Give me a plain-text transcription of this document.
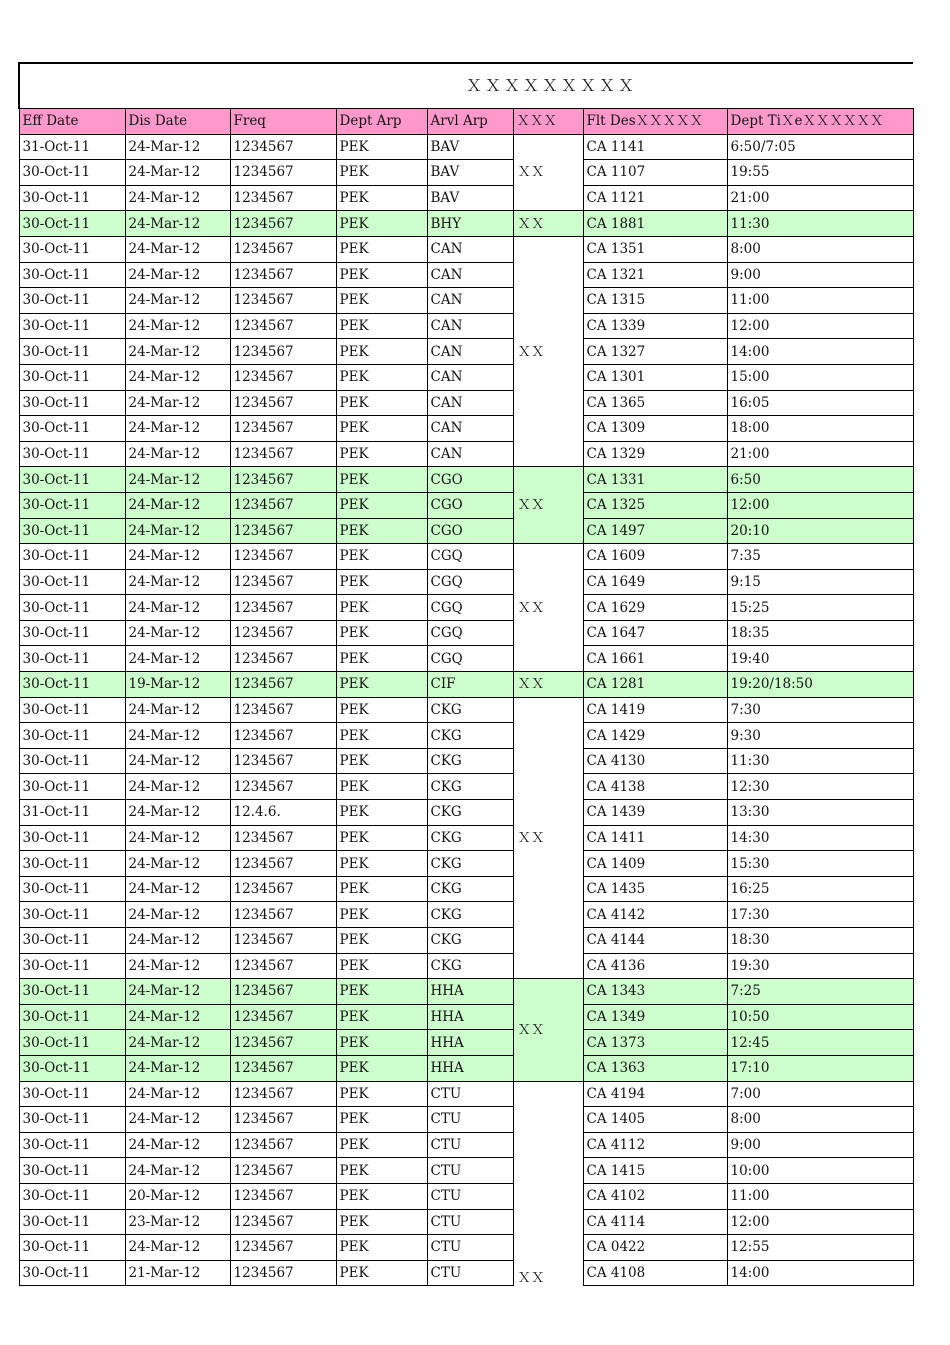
ＸＸＸＸＸＸＸＸＸ							
Eff Date	Dis Date	Freq	Dept Arp	Arvl Arp	ＸＸＸ	Flt DesＸＸＸＸＸ	Dept TiＸeＸＸＸＸＸＸ
31-Oct-11	24-Mar-12	1234567	PEK	BAV	ＸＸ	CA 1141	6:50/7:05
30-Oct-11	24-Mar-12	1234567	PEK	BAV		CA 1107	19:55
30-Oct-11	24-Mar-12	1234567	PEK	BAV		CA 1121	21:00
30-Oct-11	24-Mar-12	1234567	PEK	BHY	ＸＸ	CA 1881	11:30
30-Oct-11	24-Mar-12	1234567	PEK	CAN	ＸＸ	CA 1351	8:00
30-Oct-11	24-Mar-12	1234567	PEK	CAN		CA 1321	9:00
30-Oct-11	24-Mar-12	1234567	PEK	CAN		CA 1315	11:00
30-Oct-11	24-Mar-12	1234567	PEK	CAN		CA 1339	12:00
30-Oct-11	24-Mar-12	1234567	PEK	CAN		CA 1327	14:00
30-Oct-11	24-Mar-12	1234567	PEK	CAN		CA 1301	15:00
30-Oct-11	24-Mar-12	1234567	PEK	CAN		CA 1365	16:05
30-Oct-11	24-Mar-12	1234567	PEK	CAN		CA 1309	18:00
30-Oct-11	24-Mar-12	1234567	PEK	CAN		CA 1329	21:00
30-Oct-11	24-Mar-12	1234567	PEK	CGO	ＸＸ	CA 1331	6:50
30-Oct-11	24-Mar-12	1234567	PEK	CGO		CA 1325	12:00
30-Oct-11	24-Mar-12	1234567	PEK	CGO		CA 1497	20:10
30-Oct-11	24-Mar-12	1234567	PEK	CGQ	ＸＸ	CA 1609	7:35
30-Oct-11	24-Mar-12	1234567	PEK	CGQ		CA 1649	9:15
30-Oct-11	24-Mar-12	1234567	PEK	CGQ		CA 1629	15:25
30-Oct-11	24-Mar-12	1234567	PEK	CGQ		CA 1647	18:35
30-Oct-11	24-Mar-12	1234567	PEK	CGQ		CA 1661	19:40
30-Oct-11	19-Mar-12	1234567	PEK	CIF	ＸＸ	CA 1281	19:20/18:50
30-Oct-11	24-Mar-12	1234567	PEK	CKG	ＸＸ	CA 1419	7:30
30-Oct-11	24-Mar-12	1234567	PEK	CKG		CA 1429	9:30
30-Oct-11	24-Mar-12	1234567	PEK	CKG		CA 4130	11:30
30-Oct-11	24-Mar-12	1234567	PEK	CKG		CA 4138	12:30
31-Oct-11	24-Mar-12	12.4.6.	PEK	CKG		CA 1439	13:30
30-Oct-11	24-Mar-12	1234567	PEK	CKG		CA 1411	14:30
30-Oct-11	24-Mar-12	1234567	PEK	CKG		CA 1409	15:30
30-Oct-11	24-Mar-12	1234567	PEK	CKG		CA 1435	16:25
30-Oct-11	24-Mar-12	1234567	PEK	CKG		CA 4142	17:30
30-Oct-11	24-Mar-12	1234567	PEK	CKG		CA 4144	18:30
30-Oct-11	24-Mar-12	1234567	PEK	CKG		CA 4136	19:30
30-Oct-11	24-Mar-12	1234567	PEK	HHA	ＸＸ	CA 1343	7:25
30-Oct-11	24-Mar-12	1234567	PEK	HHA		CA 1349	10:50
30-Oct-11	24-Mar-12	1234567	PEK	HHA		CA 1373	12:45
30-Oct-11	24-Mar-12	1234567	PEK	HHA		CA 1363	17:10
30-Oct-11	24-Mar-12	1234567	PEK	CTU	ＸＸ	CA 4194	7:00
30-Oct-11	24-Mar-12	1234567	PEK	CTU		CA 1405	8:00
30-Oct-11	24-Mar-12	1234567	PEK	CTU		CA 4112	9:00
30-Oct-11	24-Mar-12	1234567	PEK	CTU		CA 1415	10:00
30-Oct-11	20-Mar-12	1234567	PEK	CTU		CA 4102	11:00
30-Oct-11	23-Mar-12	1234567	PEK	CTU		CA 4114	12:00
30-Oct-11	24-Mar-12	1234567	PEK	CTU		CA 0422	12:55
30-Oct-11	21-Mar-12	1234567	PEK	CTU		CA 4108	14:00
